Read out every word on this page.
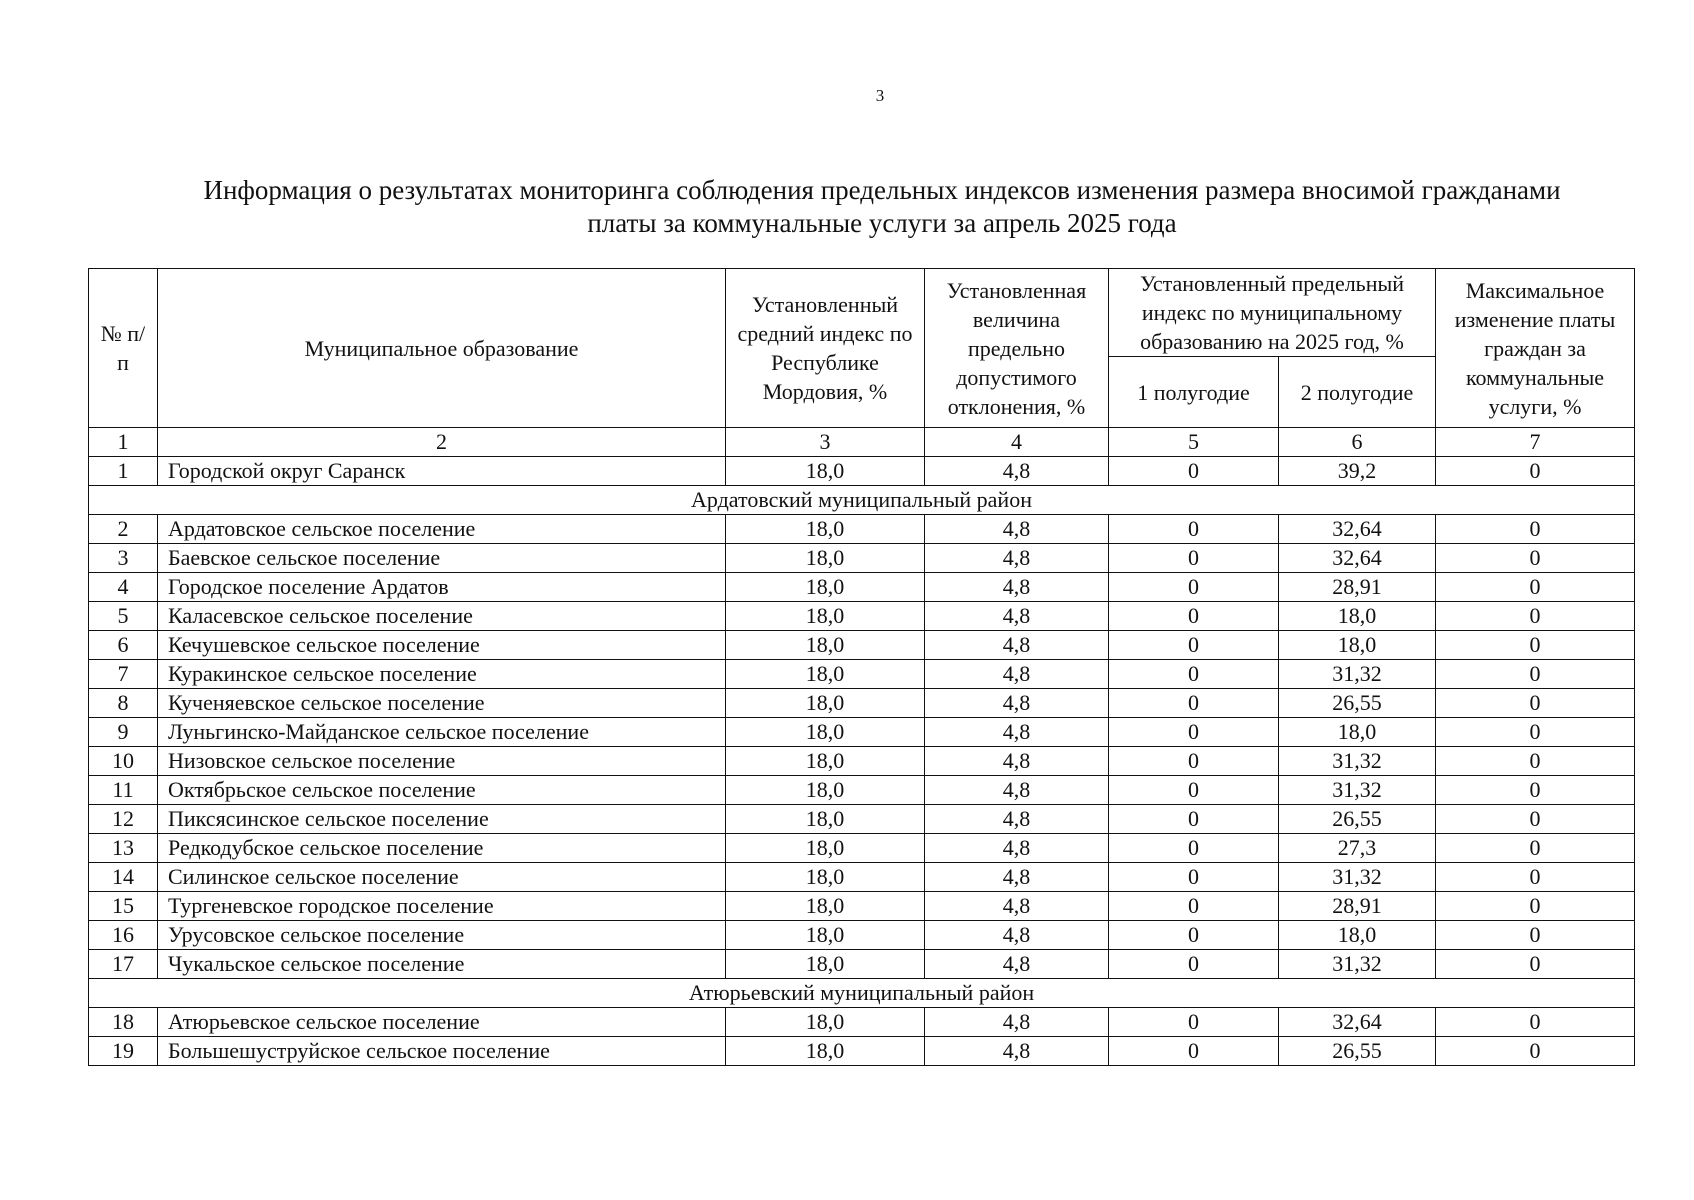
3
Информация о результатах мониторинга соблюдения предельных индексов изменения размера вносимой гражданами
платы за коммунальные услуги за апрель 2025 года
№ п/п	Муниципальное образование	Установленный средний индекс по Республике Мордовия, %	Установленная величина предельно допустимого отклонения, %	Установленный предельный индекс по муниципальному образованию на 2025 год, %		Максимальное изменение платы граждан за коммунальные услуги, %
				1 полугодие	2 полугодие	
1	2	3	4	5	6	7
1	Городской округ Саранск	18,0	4,8	0	39,2	0
Ардатовский муниципальный район						
2	Ардатовское сельское поселение	18,0	4,8	0	32,64	0
3	Баевское сельское поселение	18,0	4,8	0	32,64	0
4	Городское поселение Ардатов	18,0	4,8	0	28,91	0
5	Каласевское сельское поселение	18,0	4,8	0	18,0	0
6	Кечушевское сельское поселение	18,0	4,8	0	18,0	0
7	Куракинское сельское поселение	18,0	4,8	0	31,32	0
8	Кученяевское сельское поселение	18,0	4,8	0	26,55	0
9	Луньгинско-Майданское сельское поселение	18,0	4,8	0	18,0	0
10	Низовское сельское поселение	18,0	4,8	0	31,32	0
11	Октябрьское сельское поселение	18,0	4,8	0	31,32	0
12	Пиксясинское сельское поселение	18,0	4,8	0	26,55	0
13	Редкодубское сельское поселение	18,0	4,8	0	27,3	0
14	Силинское сельское поселение	18,0	4,8	0	31,32	0
15	Тургеневское городское поселение	18,0	4,8	0	28,91	0
16	Урусовское сельское поселение	18,0	4,8	0	18,0	0
17	Чукальское сельское поселение	18,0	4,8	0	31,32	0
Атюрьевский муниципальный район						
18	Атюрьевское сельское поселение	18,0	4,8	0	32,64	0
19	Большешуструйское сельское поселение	18,0	4,8	0	26,55	0
